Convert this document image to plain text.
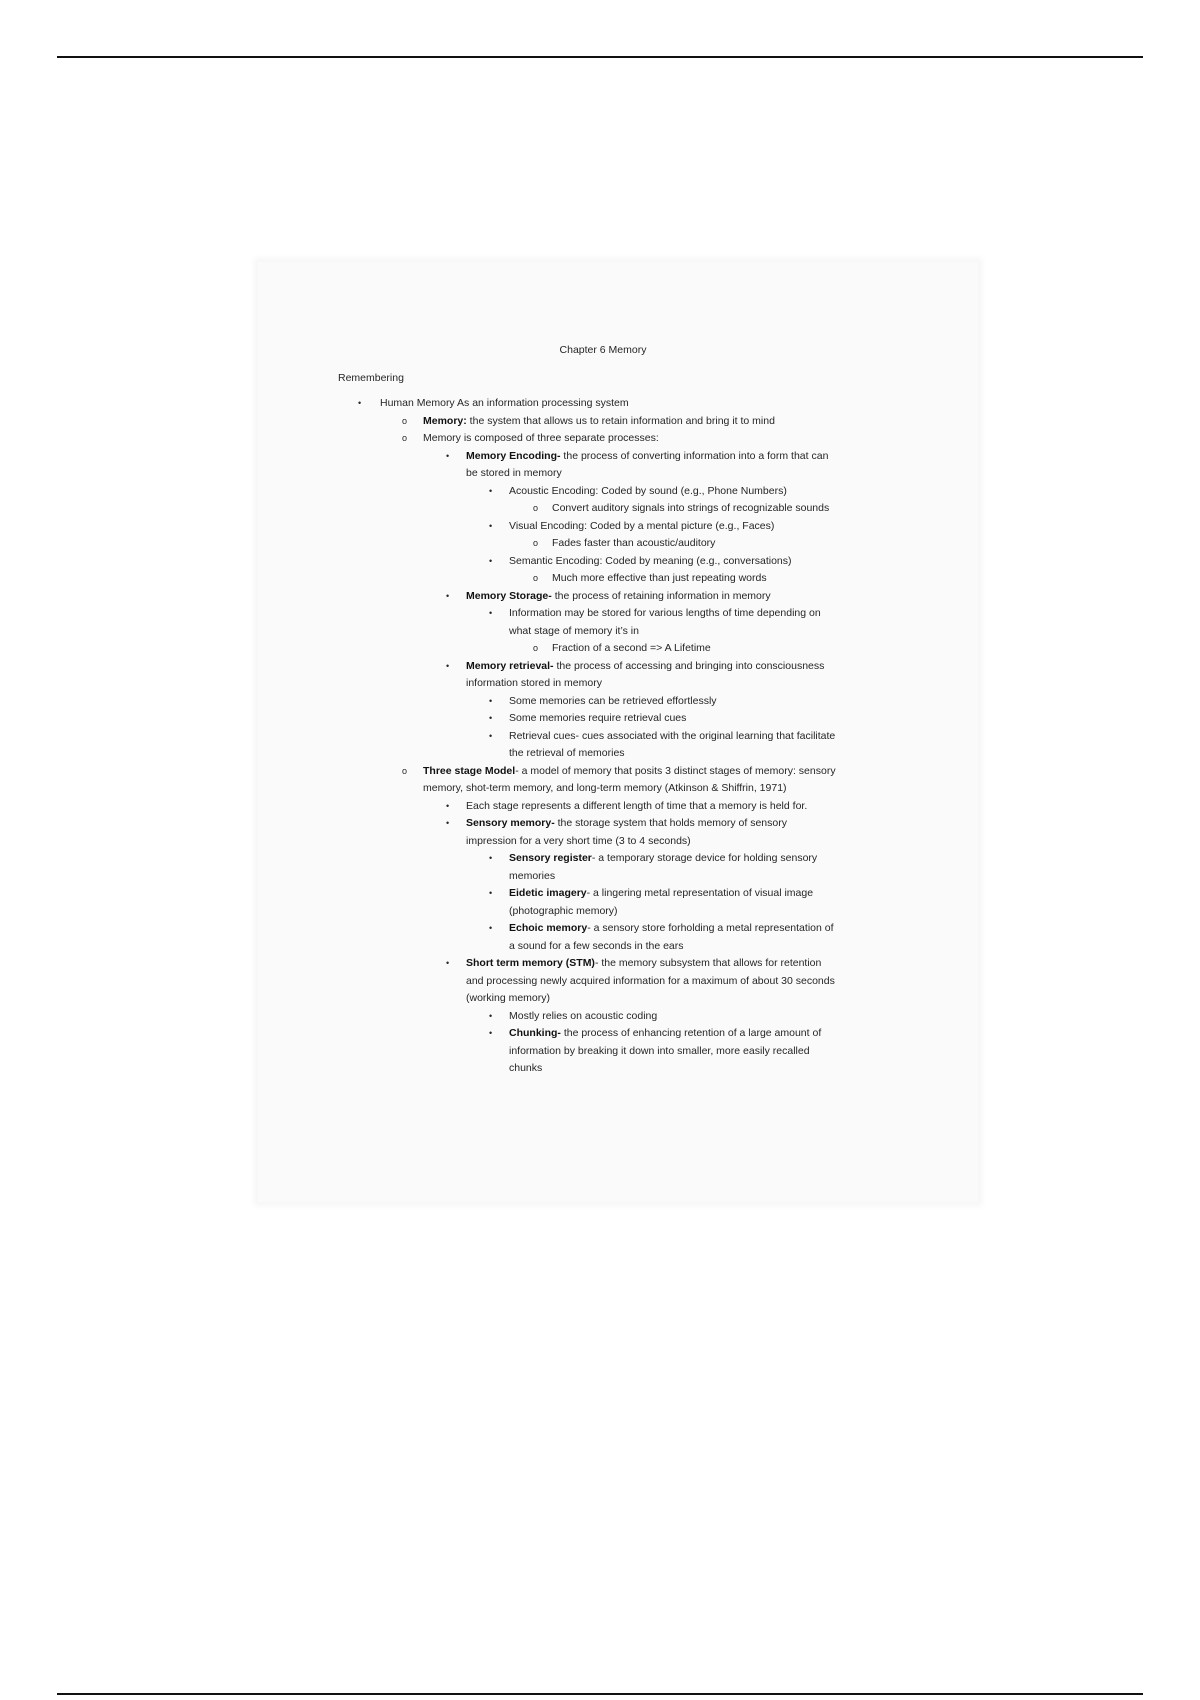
Chapter 6 Memory
Remembering
• Human Memory As an information processing system
o Memory: the system that allows us to retain information and bring it to mind
o Memory is composed of three separate processes:
• Memory Encoding- the process of converting information into a form that can be stored in memory
• Acoustic Encoding: Coded by sound (e.g., Phone Numbers)
o Convert auditory signals into strings of recognizable sounds
• Visual Encoding: Coded by a mental picture (e.g., Faces)
o Fades faster than acoustic/auditory
• Semantic Encoding: Coded by meaning (e.g., conversations)
o Much more effective than just repeating words
• Memory Storage- the process of retaining information in memory
• Information may be stored for various lengths of time depending on what stage of memory it’s in
o Fraction of a second => A Lifetime
• Memory retrieval- the process of accessing and bringing into consciousness information stored in memory
• Some memories can be retrieved effortlessly
• Some memories require retrieval cues
• Retrieval cues- cues associated with the original learning that facilitate the retrieval of memories
o Three stage Model- a model of memory that posits 3 distinct stages of memory: sensory memory, shot-term memory, and long-term memory (Atkinson & Shiffrin, 1971)
• Each stage represents a different length of time that a memory is held for.
• Sensory memory- the storage system that holds memory of sensory impression for a very short time (3 to 4 seconds)
• Sensory register- a temporary storage device for holding sensory memories
• Eidetic imagery- a lingering metal representation of visual image (photographic memory)
• Echoic memory- a sensory store forholding a metal representation of a sound for a few seconds in the ears
• Short term memory (STM)- the memory subsystem that allows for retention and processing newly acquired information for a maximum of about 30 seconds (working memory)
• Mostly relies on acoustic coding
• Chunking- the process of enhancing retention of a large amount of information by breaking it down into smaller, more easily recalled chunks
